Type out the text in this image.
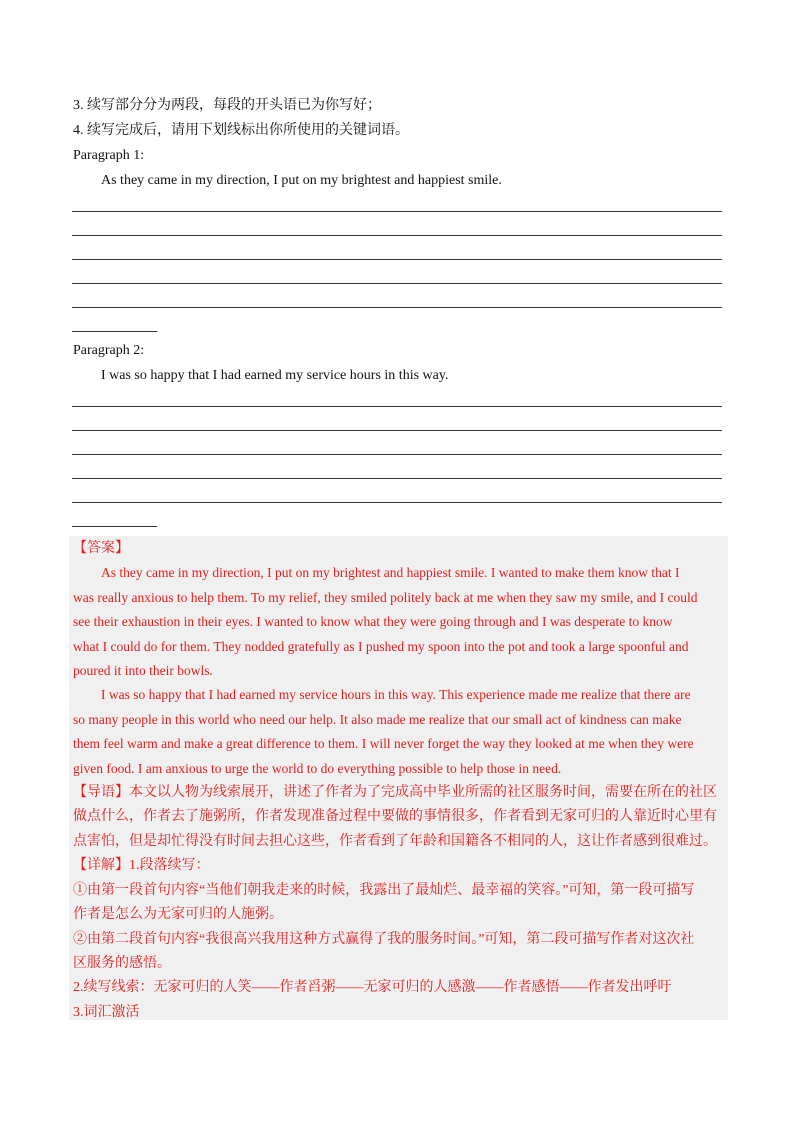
3. 续写部分分为两段，每段的开头语已为你写好；
4. 续写完成后，请用下划线标出你所使用的关键词语。
Paragraph 1:
As they came in my direction, I put on my brightest and happiest smile.
Paragraph 2:
I was so happy that I had earned my service hours in this way.
【答案】
As they came in my direction, I put on my brightest and happiest smile. I wanted to make them know that I
was really anxious to help them. To my relief, they smiled politely back at me when they saw my smile, and I could
see their exhaustion in their eyes. I wanted to know what they were going through and I was desperate to know
what I could do for them. They nodded gratefully as I pushed my spoon into the pot and took a large spoonful and
poured it into their bowls.
I was so happy that I had earned my service hours in this way. This experience made me realize that there are
so many people in this world who need our help. It also made me realize that our small act of kindness can make
them feel warm and make a great difference to them. I will never forget the way they looked at me when they were
given food. I am anxious to urge the world to do everything possible to help those in need.
【导语】本文以人物为线索展开，讲述了作者为了完成高中毕业所需的社区服务时间，需要在所在的社区
做点什么，作者去了施粥所，作者发现准备过程中要做的事情很多，作者看到无家可归的人靠近时心里有
点害怕，但是却忙得没有时间去担心这些，作者看到了年龄和国籍各不相同的人，这让作者感到很难过。
【详解】1.段落续写：
①由第一段首句内容“当他们朝我走来的时候，我露出了最灿烂、最幸福的笑容。”可知，第一段可描写
作者是怎么为无家可归的人施粥。
②由第二段首句内容“我很高兴我用这种方式赢得了我的服务时间。”可知，第二段可描写作者对这次社
区服务的感悟。
2.续写线索：无家可归的人笑——作者舀粥——无家可归的人感激——作者感悟——作者发出呼吁
3.词汇激活
